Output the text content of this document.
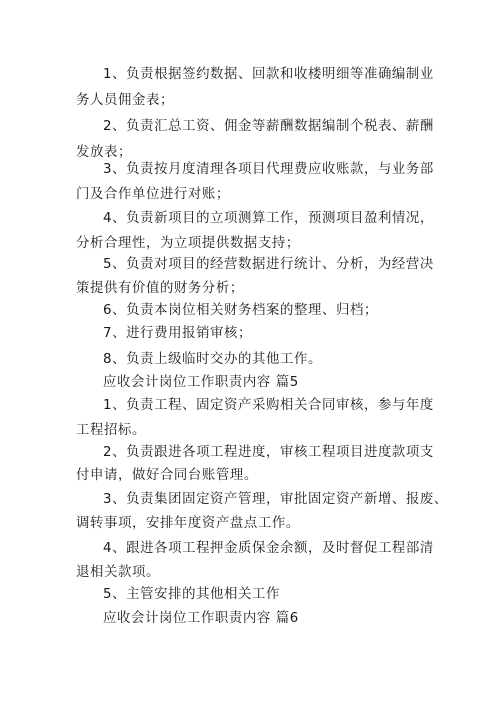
1、负责根据签约数据、回款和收楼明细等准确编制业
务人员佣金表；
2、负责汇总工资、佣金等薪酬数据编制个税表、薪酬
发放表；
3、负责按月度清理各项目代理费应收账款，与业务部
门及合作单位进行对账；
4、负责新项目的立项测算工作，预测项目盈利情况，
分析合理性，为立项提供数据支持；
5、负责对项目的经营数据进行统计、分析，为经营决
策提供有价值的财务分析；
6、负责本岗位相关财务档案的整理、归档；
7、进行费用报销审核；
8、负责上级临时交办的其他工作。
应收会计岗位工作职责内容 篇5
1、负责工程、固定资产采购相关合同审核，参与年度
工程招标。
2、负责跟进各项工程进度，审核工程项目进度款项支
付申请，做好合同台账管理。
3、负责集团固定资产管理，审批固定资产新增、报废、
调转事项，安排年度资产盘点工作。
4、跟进各项工程押金质保金余额，及时督促工程部清
退相关款项。
5、主管安排的其他相关工作
应收会计岗位工作职责内容 篇6
